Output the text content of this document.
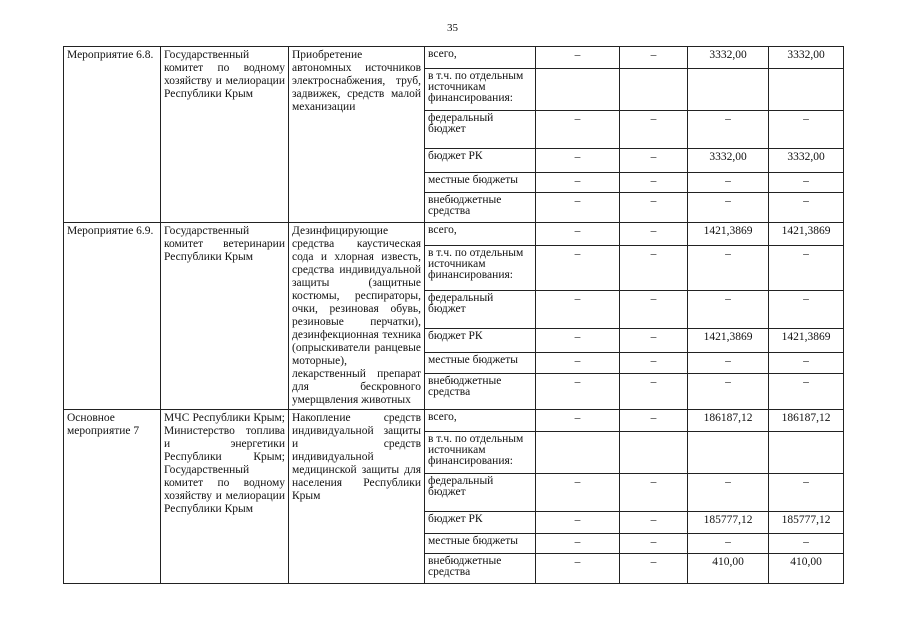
35
Мероприятие 6.8.	Государственный комитет по водному хозяйству и мелиорации Республики Крым	Приобретение автономных источников электроснабжения, труб, задвижек, средств малой механизации	всего,	–	–	3332,00	3332,00
			в т.ч. по отдельным источникам финансирования:				
			федеральный бюджет	–	–	–	–
			бюджет РК	–	–	3332,00	3332,00
			местные бюджеты	–	–	–	–
			внебюджетные средства	–	–	–	–
Мероприятие 6.9.	Государственный комитет ветеринарии Республики Крым	Дезинфицирующие средства каустическая сода и хлорная известь, средства индивидуальной защиты (защитные костюмы, респираторы, очки, резиновая обувь, резиновые перчатки), дезинфекционная техника (опрыскиватели ранцевые моторные), лекарственный препарат для бескровного умерщвления животных	всего,	–	–	1421,3869	1421,3869
			в т.ч. по отдельным источникам финансирования:	–	–	–	–
			федеральный бюджет	–	–	–	–
			бюджет РК	–	–	1421,3869	1421,3869
			местные бюджеты	–	–	–	–
			внебюджетные средства	–	–	–	–
Основное мероприятие 7	МЧС Республики Крым; Министерство топлива и энергетики Республики Крым; Государственный комитет по водному хозяйству и мелиорации Республики Крым	Накопление средств индивидуальной защиты и средств индивидуальной медицинской защиты для населения Республики Крым	всего,	–	–	186187,12	186187,12
			в т.ч. по отдельным источникам финансирования:				
			федеральный бюджет	–	–	–	–
			бюджет РК	–	–	185777,12	185777,12
			местные бюджеты	–	–	–	–
			внебюджетные средства	–	–	410,00	410,00
